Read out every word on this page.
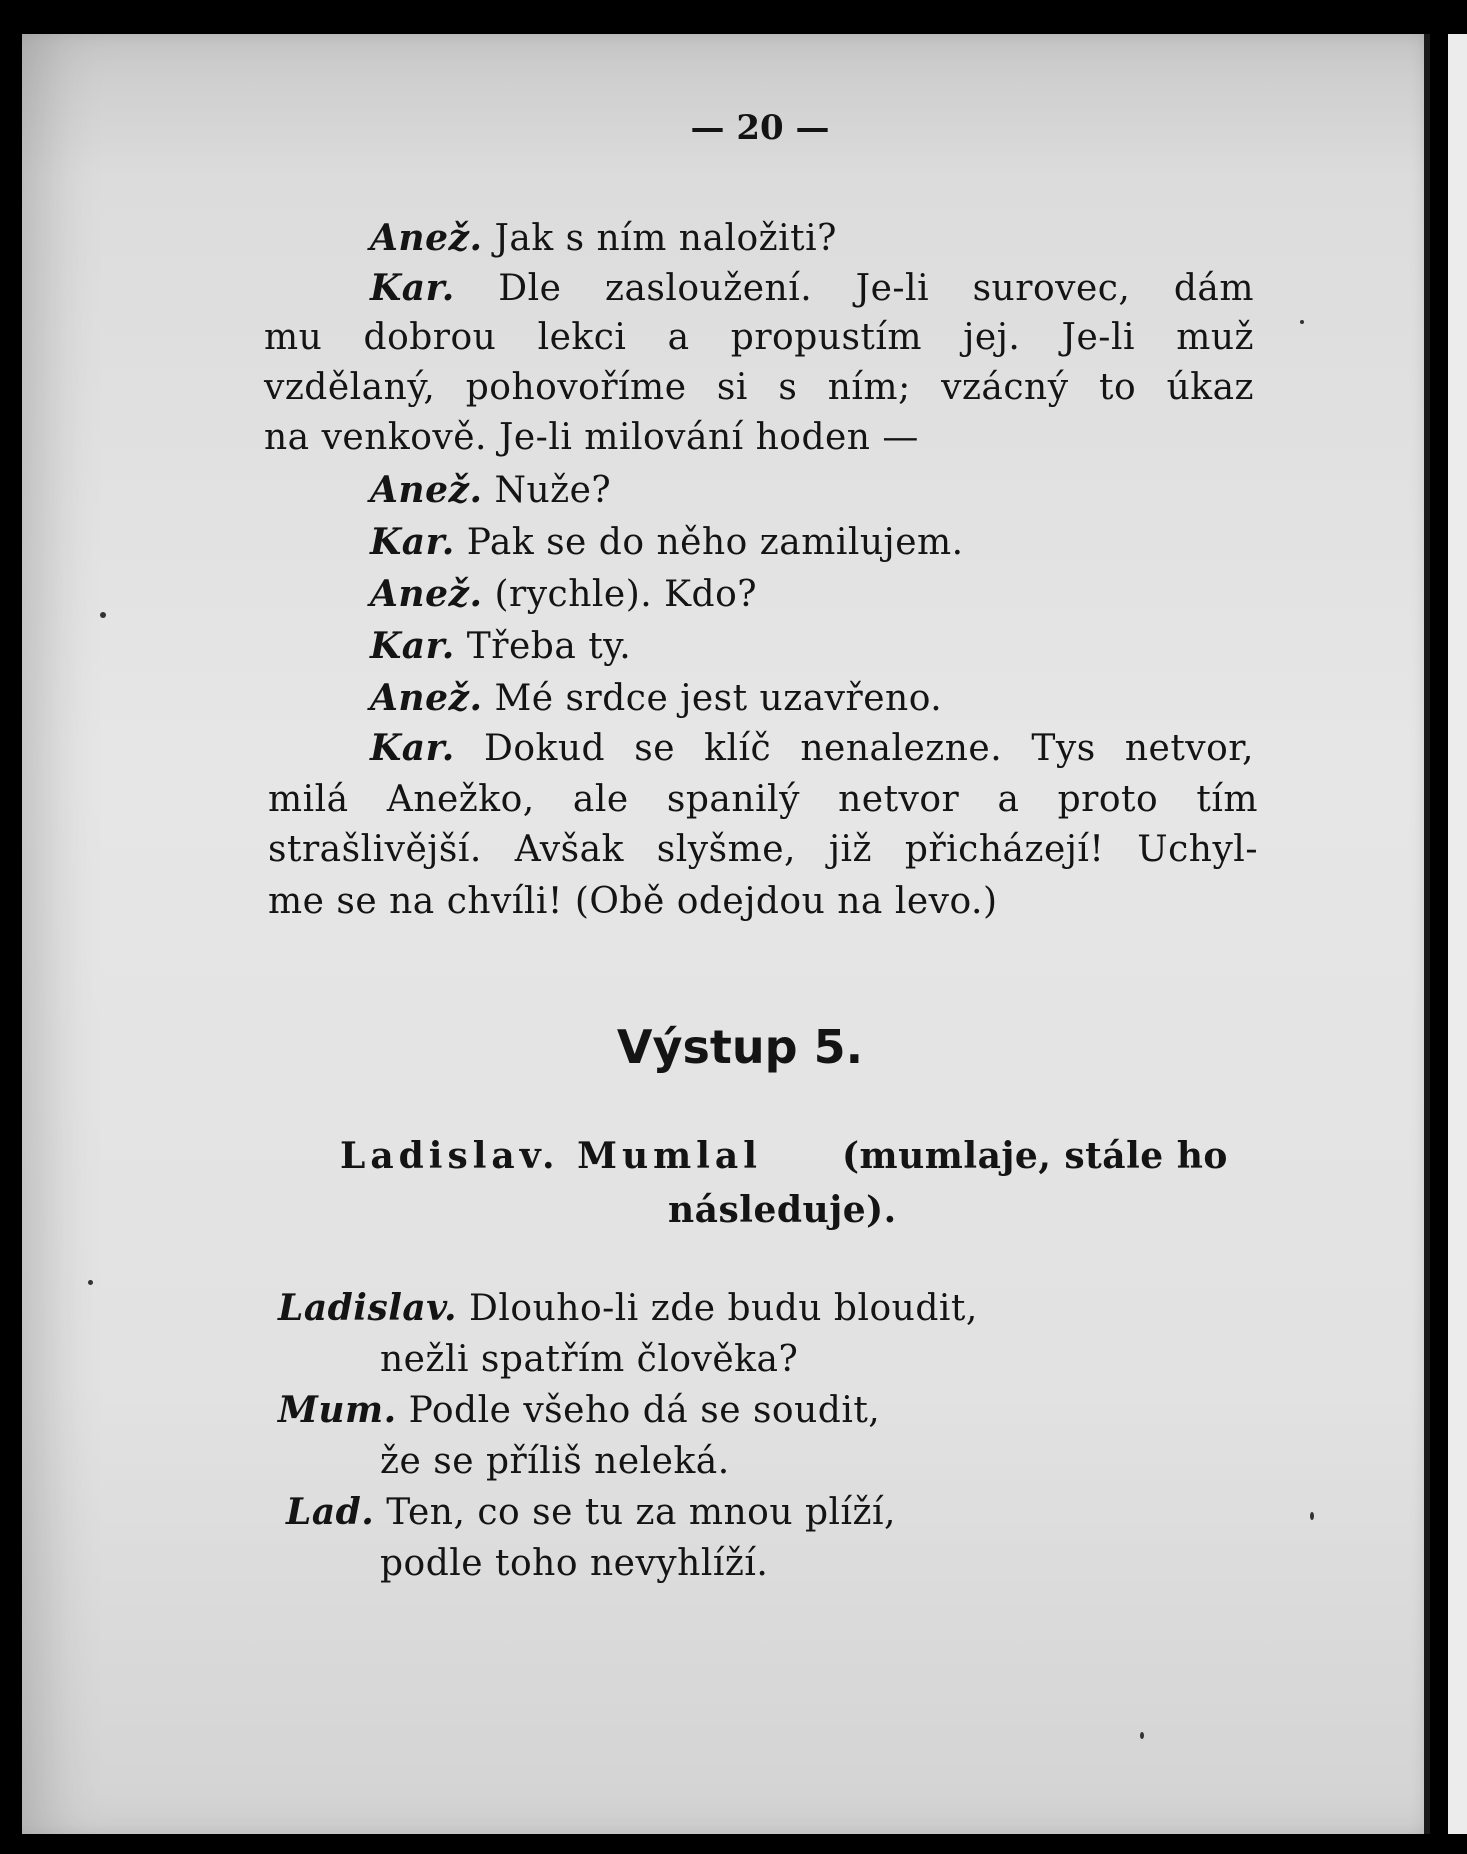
— 20 —
Anež. Jak s ním naložiti?
Kar. Dle zasloužení. Je-li surovec, dám
mu dobrou lekci a propustím jej. Je-li muž
vzdělaný, pohovoříme si s ním; vzácný to úkaz
na venkově. Je-li milování hoden —
Anež. Nuže?
Kar. Pak se do něho zamilujem.
Anež. (rychle). Kdo?
Kar. Třeba ty.
Anež. Mé srdce jest uzavřeno.
Kar. Dokud se klíč nenalezne. Tys netvor,
milá Anežko, ale spanilý netvor a proto tím
strašlivější. Avšak slyšme, již přicházejí! Uchyl-
me se na chvíli! (Obě odejdou na levo.)
Výstup 5.
Ladislav. Mumlal (mumlaje, stále ho
následuje).
Ladislav. Dlouho-li zde budu bloudit,
nežli spatřím člověka?
Mum. Podle všeho dá se soudit,
že se příliš neleká.
Lad. Ten, co se tu za mnou plíží,
podle toho nevyhlíží.
